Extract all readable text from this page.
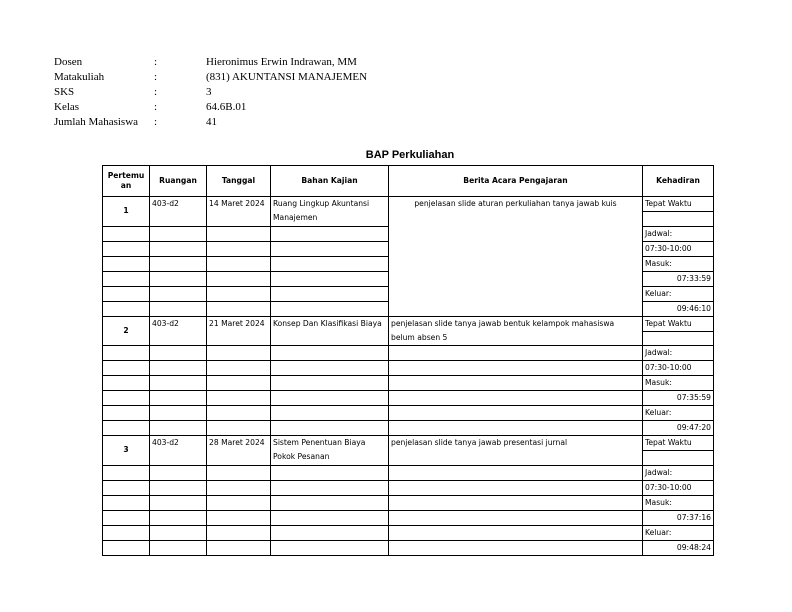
Dosen	:	Hieronimus Erwin Indrawan, MM
Matakuliah	:	(831) AKUNTANSI MANAJEMEN
SKS	:	3
Kelas	:	64.6B.01
Jumlah Mahasiswa :	41
BAP Perkuliahan
Pertemu an	Ruangan	Tanggal	Bahan Kajian	Berita Acara Pengajaran	Kehadiran
1	403-d2	14 Maret 2024	Ruang Lingkup Akuntansi Manajemen	penjelasan slide aturan perkuliahan tanya jawab kuis	Tepat Waktu

					Jadwal:
					07:30-10:00
					Masuk:
					07:33:59
					Keluar:
					09:46:10
2	403-d2	21 Maret 2024	Konsep Dan Klasifikasi Biaya	penjelasan slide tanya jawab bentuk kelampok mahasiswa belum absen 5	Tepat Waktu

					Jadwal:
					07:30-10:00
					Masuk:
					07:35:59
					Keluar:
					09:47:20
3	403-d2	28 Maret 2024	Sistem Penentuan Biaya Pokok Pesanan	penjelasan slide tanya jawab presentasi jurnal	Tepat Waktu

					Jadwal:
					07:30-10:00
					Masuk:
					07:37:16
					Keluar:
					09:48:24
